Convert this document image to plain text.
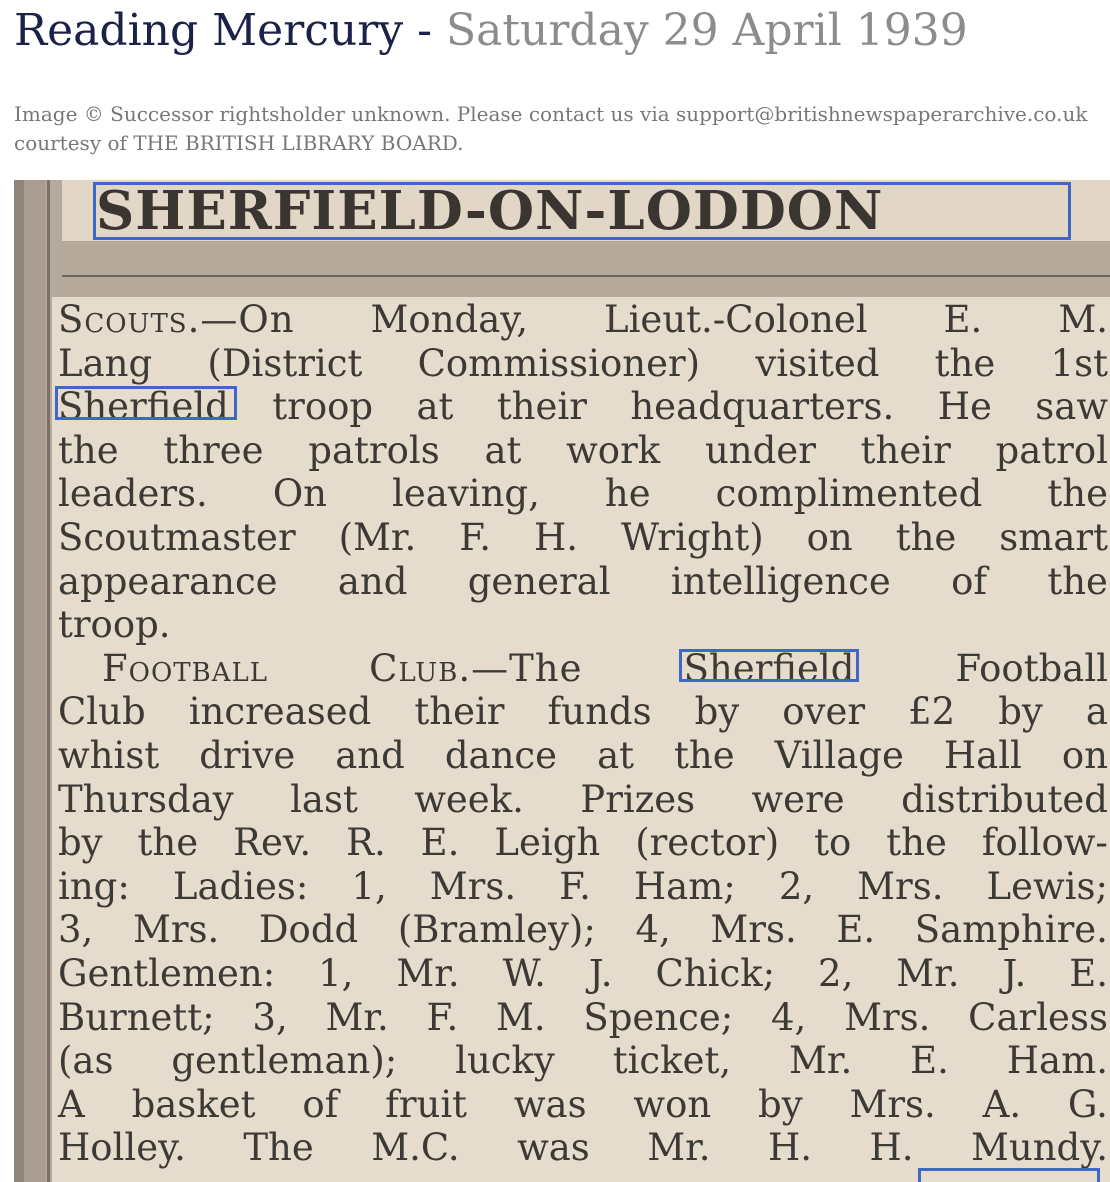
Reading Mercury - Saturday 29 April 1939
Image © Successor rightsholder unknown. Please contact us via support@britishnewspaperarchive.co.uk
courtesy of THE BRITISH LIBRARY BOARD.
SHERFIELD-ON-LODDON
Scouts.—On Monday, Lieut.-Colonel E. M.
Lang (District Commissioner) visited the 1st
Sherfield troop at their headquarters. He saw
the three patrols at work under their patrol
leaders. On leaving, he complimented the
Scoutmaster (Mr. F. H. Wright) on the smart
appearance and general intelligence of the
troop.
Football	Club.—The	Sherfield	Football
Club increased their funds by over £2 by a
whist drive and dance at the Village Hall on
Thursday last week. Prizes were distributed
by the Rev. R. E. Leigh (rector) to the follow-
ing: Ladies: 1, Mrs. F. Ham; 2, Mrs. Lewis;
3, Mrs. Dodd (Bramley); 4, Mrs. E. Samphire.
Gentlemen: 1, Mr. W. J. Chick; 2, Mr. J. E.
Burnett; 3, Mr. F. M. Spence; 4, Mrs. Carless
(as gentleman); lucky ticket, Mr. E. Ham.
A basket of fruit was won by Mrs. A. G.
Holley. The M.C. was Mr. H. H. Mundy.
